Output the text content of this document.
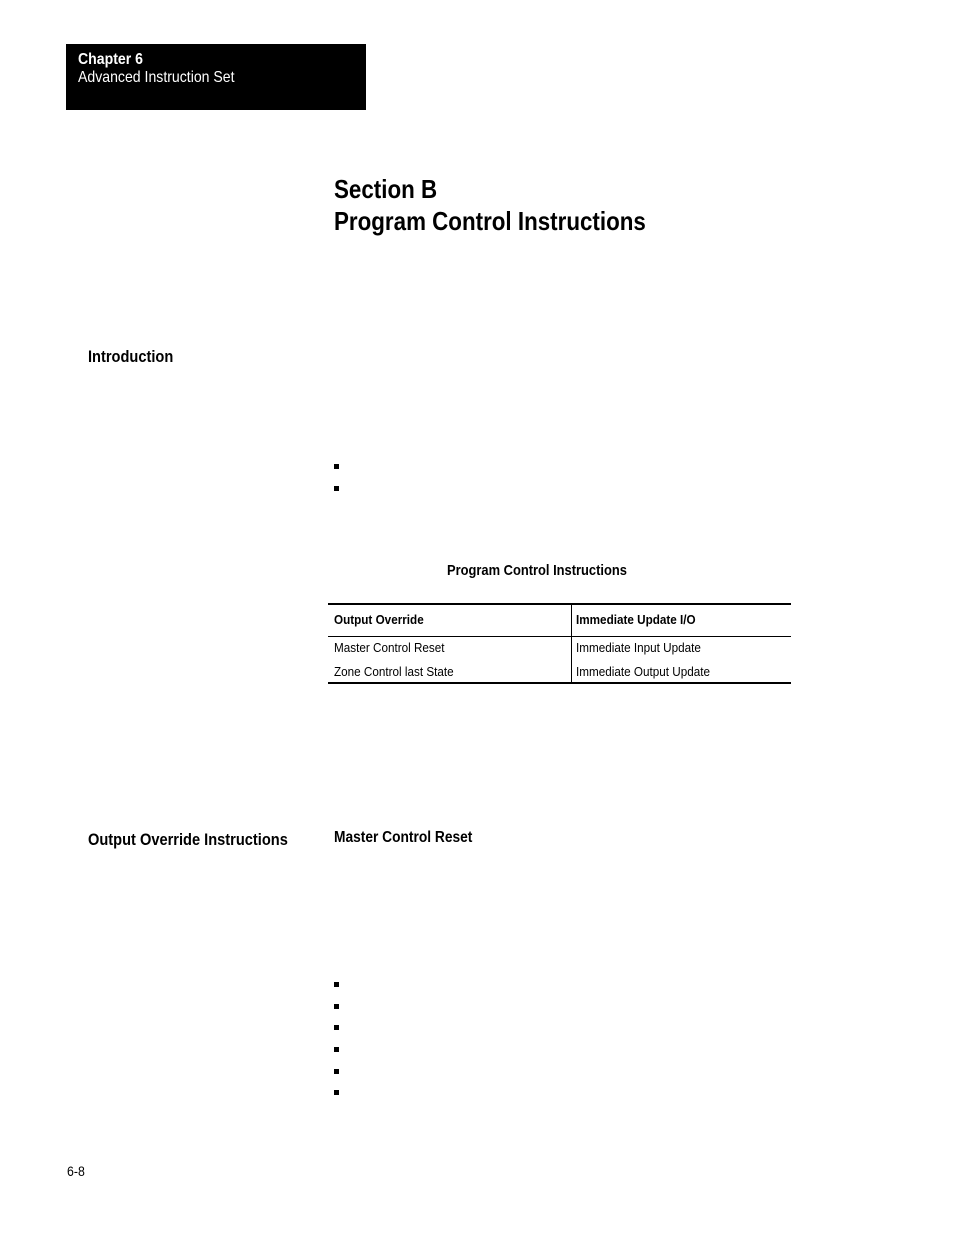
Chapter 6
Advanced Instruction Set
Section B
Program Control Instructions
Introduction
Program Control Instructions
Output Override	Immediate Update I/O
Master Control Reset	Immediate Input Update
Zone Control last State	Immediate Output Update
Output Override Instructions	Master Control Reset
6-8
